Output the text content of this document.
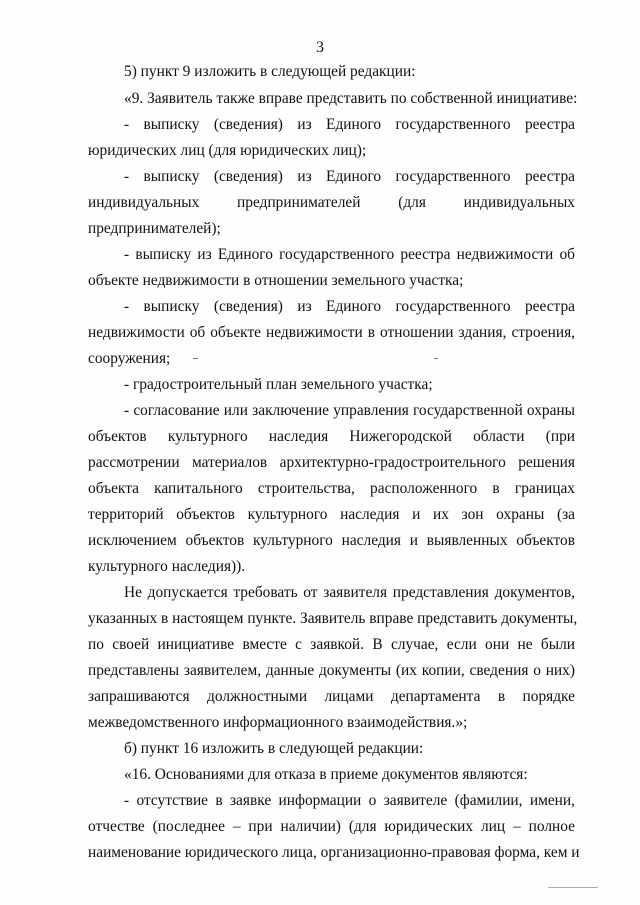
3
5) пункт 9 изложить в следующей редакции:
«9. Заявитель также вправе представить по собственной инициативе:
- выписку (сведения) из Единого государственного реестра
юридических лиц (для юридических лиц);
- выписку (сведения) из Единого государственного реестра
индивидуальных предпринимателей (для индивидуальных
предпринимателей);
- выписку из Единого государственного реестра недвижимости об
объекте недвижимости в отношении земельного участка;
- выписку (сведения) из Единого государственного реестра
недвижимости об объекте недвижимости в отношении здания, строения,
сооружения;
- градостроительный план земельного участка;
- согласование или заключение управления государственной охраны
объектов культурного наследия Нижегородской области (при
рассмотрении материалов архитектурно-градостроительного решения
объекта капитального строительства, расположенного в границах
территорий объектов культурного наследия и их зон охраны (за
исключением объектов культурного наследия и выявленных объектов
культурного наследия)).
Не допускается требовать от заявителя представления документов,
указанных в настоящем пункте. Заявитель вправе представить документы,
по своей инициативе вместе с заявкой. В случае, если они не были
представлены заявителем, данные документы (их копии, сведения о них)
запрашиваются должностными лицами департамента в порядке
межведомственного информационного взаимодействия.»;
б) пункт 16 изложить в следующей редакции:
«16. Основаниями для отказа в приеме документов являются:
- отсутствие в заявке информации о заявителе (фамилии, имени,
отчестве (последнее – при наличии) (для юридических лиц – полное
наименование юридического лица, организационно-правовая форма, кем и
